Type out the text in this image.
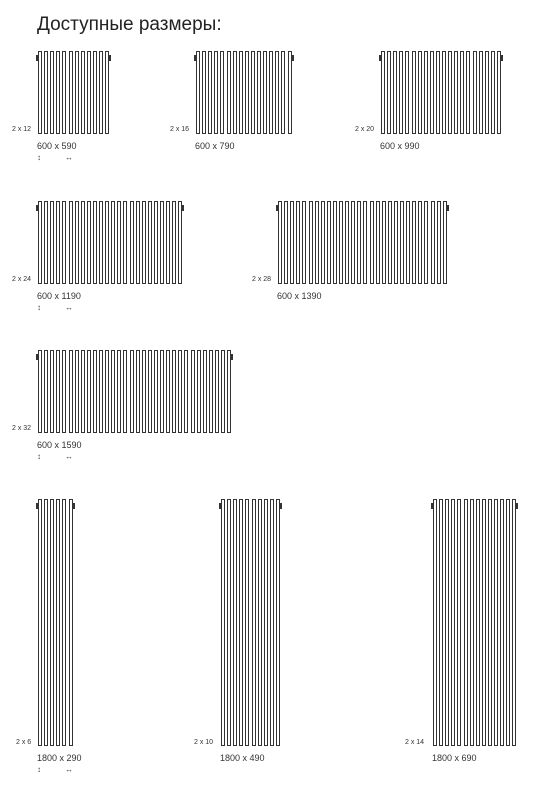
Доступные размеры:
2 x 12
600 x 590
↕	↔
2 x 16
600 x 790
2 x 20
600 x 990
2 x 24
600 x 1190
↕	↔
2 x 28
600 x 1390
2 x 32
600 x 1590
↕	↔
2 x 6
1800 x 290
↕	↔
2 x 10
1800 x 490
2 x 14
1800 x 690
